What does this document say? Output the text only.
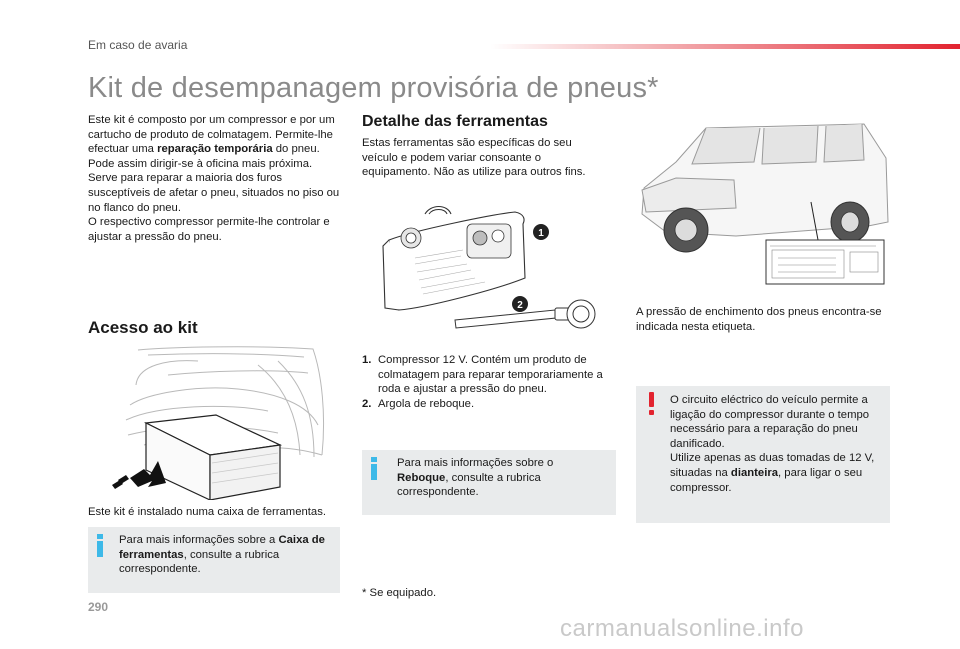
Em caso de avaria
Kit de desempanagem provisória de pneus*
Este kit é composto por um compressor e por um cartucho de produto de colmatagem. Permite-lhe efectuar uma reparação temporária do pneu.
Pode assim dirigir-se à oficina mais próxima.
Serve para reparar a maioria dos furos susceptíveis de afetar o pneu, situados no piso ou no flanco do pneu.
O respectivo compressor permite-lhe controlar e ajustar a pressão do pneu.
Acesso ao kit
Este kit é instalado numa caixa de ferramentas.
Para mais informações sobre a Caixa de ferramentas, consulte a rubrica correspondente.
Detalhe das ferramentas
Estas ferramentas são específicas do seu veículo e podem variar consoante o equipamento. Não as utilize para outros fins.
1
2
1. Compressor 12 V. Contém um produto de colmatagem para reparar temporariamente a roda e ajustar a pressão do pneu.
2. Argola de reboque.
Para mais informações sobre o Reboque, consulte a rubrica correspondente.
* Se equipado.
A pressão de enchimento dos pneus encontra-se indicada nesta etiqueta.
O circuito eléctrico do veículo permite a ligação do compressor durante o tempo necessário para a reparação do pneu danificado.
Utilize apenas as duas tomadas de 12 V, situadas na dianteira, para ligar o seu compressor.
290
carmanualsonline.info
